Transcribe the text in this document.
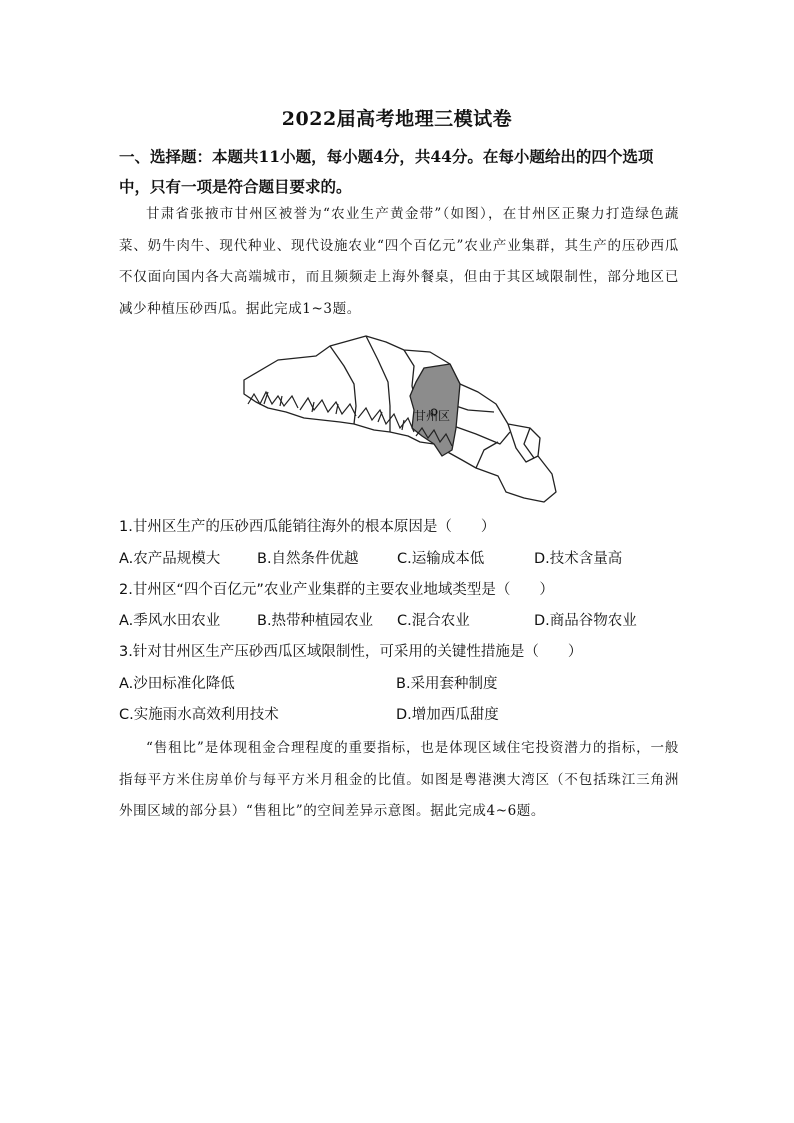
2022届高考地理三模试卷
一、选择题：本题共11小题，每小题4分，共44分。在每小题给出的四个选项中，只有一项是符合题目要求的。
甘肃省张掖市甘州区被誉为“农业生产黄金带”（如图），在甘州区正聚力打造绿色蔬菜、奶牛肉牛、现代种业、现代设施农业“四个百亿元”农业产业集群，其生产的压砂西瓜不仅面向国内各大高端城市，而且频频走上海外餐桌，但由于其区域限制性，部分地区已减少种植压砂西瓜。据此完成1~3题。
甘州区
1.甘州区生产的压砂西瓜能销往海外的根本原因是（　　）
A.农产品规模大	B.自然条件优越	C.运输成本低	D.技术含量高
2.甘州区“四个百亿元”农业产业集群的主要农业地域类型是（　　）
A.季风水田农业	B.热带种植园农业 C.混合农业	D.商品谷物农业
3.针对甘州区生产压砂西瓜区域限制性，可采用的关键性措施是（　　）
A.沙田标准化降低	B.采用套种制度
C.实施雨水高效利用技术	D.增加西瓜甜度
“售租比”是体现租金合理程度的重要指标，也是体现区域住宅投资潜力的指标，一般指每平方米住房单价与每平方米月租金的比值。如图是粤港澳大湾区（不包括珠江三角洲外围区域的部分县）“售租比”的空间差异示意图。据此完成4~6题。
